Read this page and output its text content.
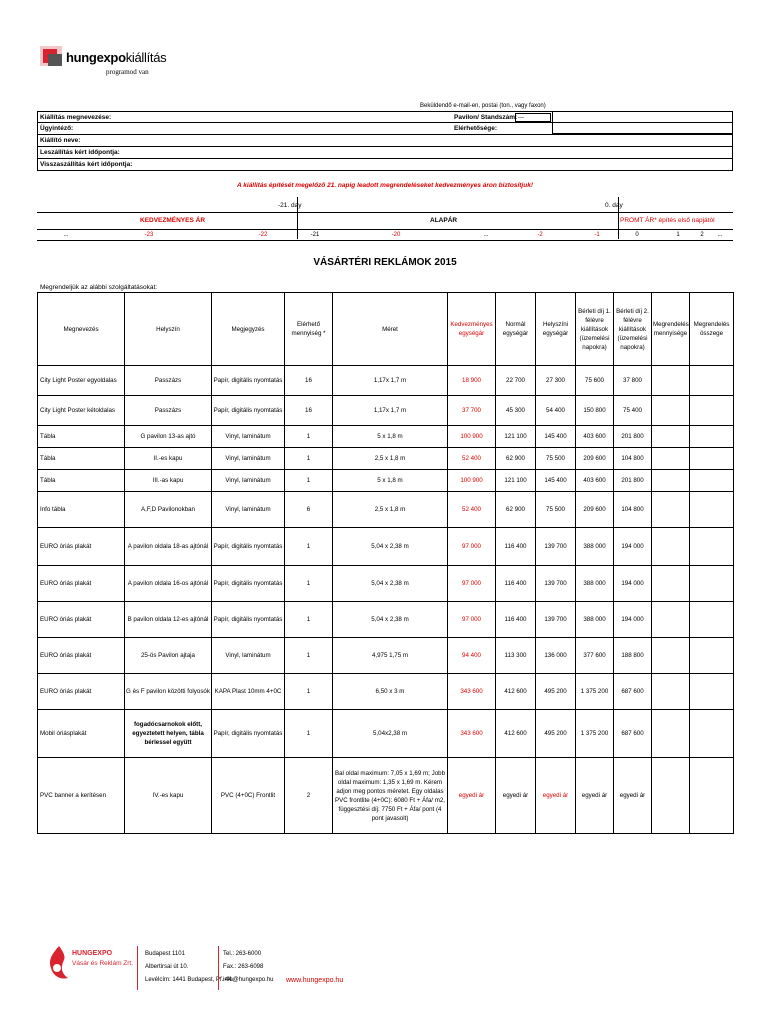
hungexpokiállítás
programod van
Beküldendő e-mail-en, postai (ton., vagy faxon)
Kiállítás megnevezése:	Pavilon/ Standszám: ---
Ügyintéző:	Elérhetősége:
Kiállító neve:
Leszállítás kért időpontja:
Visszaszállítás kért időpontja:
A kiállítás építését megelőző 21. napig leadott megrendeléseket kedvezményes áron biztosítjuk!
-21. day	0. day
KEDVEZMÉNYES ÁR	ALAPÁR	PROMT ÁR* építés első napjától
...	-23	-22	-21	-20	...	-2	-1	0	1	2	...
VÁSÁRTÉRI REKLÁMOK 2015
Megrendeljük az alábbi szolgáltatásokat:
Megnevezés	Helyszín	Megjegyzés	Elérhető mennyiség *	Méret	Kedvezményes egységár	Normál egységár	Helyszíni egységár	Bérleti díj 1. félévre kiállítások (üzemelési napokra)	Bérleti díj 2. félévre kiállítások (üzemelési napokra)	Megrendelés mennyisége	Megrendelés összege
City Light Poster egyoldalas	Passzázs	Papír, digitális nyomtatás	16	1,17x 1,7 m	18 900	22 700	27 300	75 600	37 800		
City Light Poster kétoldalas	Passzázs	Papír, digitális nyomtatás	16	1,17x 1,7 m	37 700	45 300	54 400	150 800	75 400		
Tábla	G pavilon 13-as ajtó	Vinyl, laminátum	1	5 x 1,8 m	100 900	121 100	145 400	403 600	201 800		
Tábla	II.-es kapu	Vinyl, laminátum	1	2,5 x 1,8 m	52 400	62 900	75 500	209 600	104 800		
Tábla	III.-as kapu	Vinyl, laminátum	1	5 x 1,8 m	100 900	121 100	145 400	403 600	201 800		
Info tábla	A,F,D Pavilonokban	Vinyl, laminátum	6	2,5 x 1,8 m	52 400	62 900	75 500	209 600	104 800		
EURO óriás plakát	A pavilon oldala 18-as ajtónál	Papír, digitális nyomtatás	1	5,04 x 2,38 m	97 000	116 400	139 700	388 000	194 000		
EURO óriás plakát	A pavilon oldala 16-os ajtónál	Papír, digitális nyomtatás	1	5,04 x 2,38 m	97 000	116 400	139 700	388 000	194 000		
EURO óriás plakát	B pavilon oldala 12-es ajtónál	Papír, digitális nyomtatás	1	5,04 x 2,38 m	97 000	116 400	139 700	388 000	194 000		
EURO óriás plakát	25-ös Pavilon ajtaja	Vinyl, laminátum	1	4,975 1,75 m	94 400	113 300	136 000	377 600	188 800		
EURO óriás plakát	G és F pavilon közötti folyosók	KAPA Plast 10mm 4+0C	1	6,50 x 3 m	343 600	412 600	495 200	1 375 200	687 600		
Mobil óriásplakát	fogadócsarnokok előtt, egyeztetett helyen, tábla bérlessel együtt	Papír, digitális nyomtatás	1	5,04x2,38 m	343 600	412 600	495 200	1 375 200	687 600		
PVC banner a kerítésen	IV.-es kapu	PVC (4+0C) Frontlit	2	Bal oldal maximum: 7,05 x 1,69 m; Jobb oldal maximum: 1,35 x 1,69 m. Kérem adjon meg pontos méretet. Egy oldalas PVC frontlite (4+0C): 6080 Ft + Áfa/ m2, függesztési díj: 7750 Ft + Áfa/ pont (4 pont javasolt)	egyedi ár	egyedi ár	egyedi ár	egyedi ár	egyedi ár		
HUNGEXPO
Vásár és Reklám Zrt.
Budapest 1101
Albertirsai út 10.
Levélcím: 1441 Budapest, Pf. 44.
Tel.: 263-6000
Fax.: 263-6098
info@hungexpo.hu www.hungexpo.hu
